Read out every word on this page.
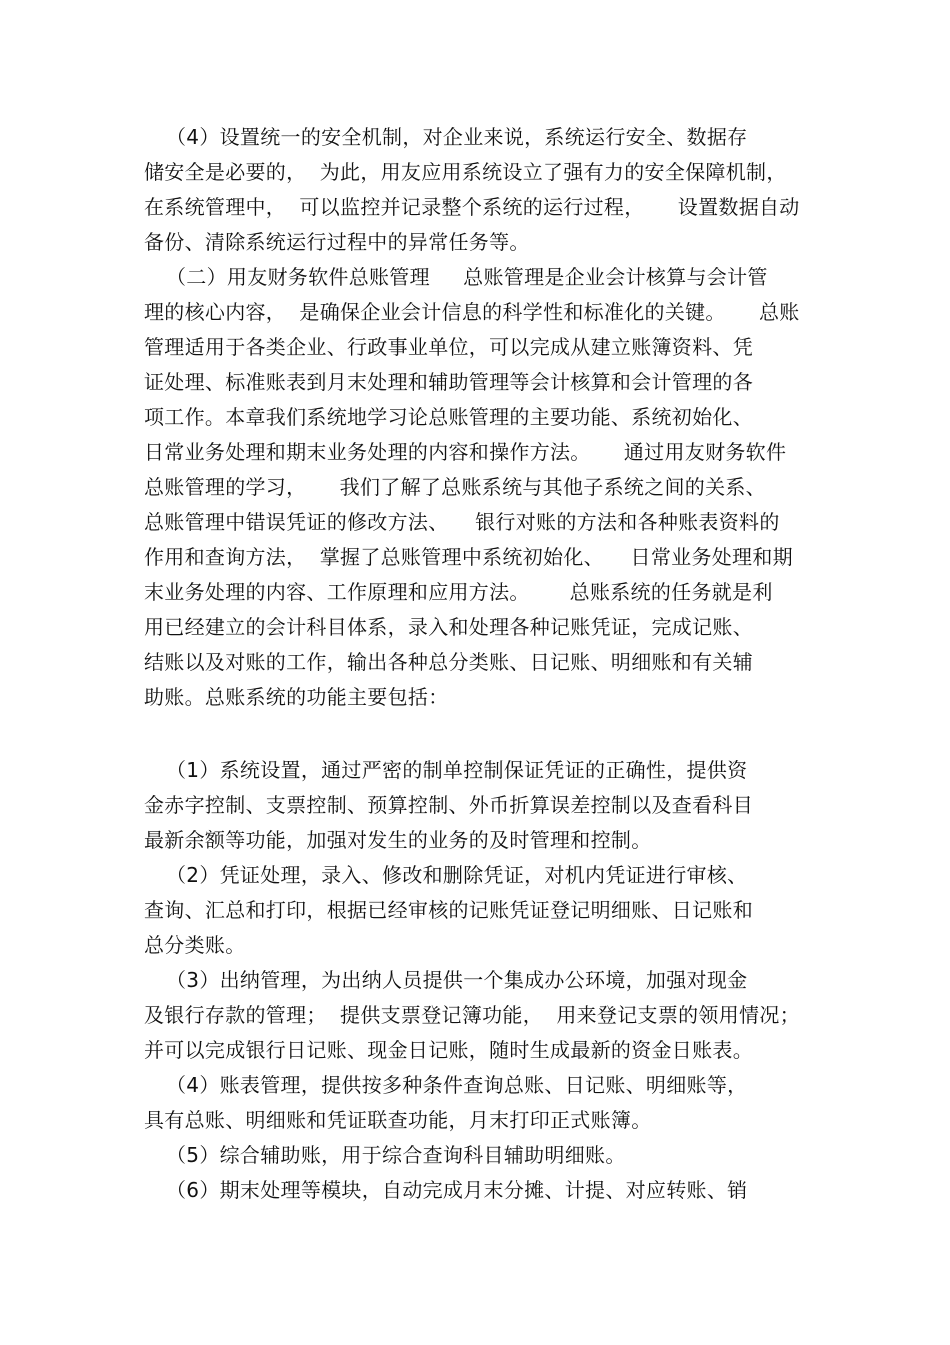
（4）设置统一的安全机制，对企业来说，系统运行安全、数据存
储安全是必要的，  为此，用友应用系统设立了强有力的安全保障机制，
在系统管理中，  可以监控并记录整个系统的运行过程，     设置数据自动
备份、清除系统运行过程中的异常任务等。
（二）用友财务软件总账管理     总账管理是企业会计核算与会计管
理的核心内容，  是确保企业会计信息的科学性和标准化的关键。     总账
管理适用于各类企业、行政事业单位，可以完成从建立账簿资料、凭
证处理、标准账表到月末处理和辅助管理等会计核算和会计管理的各
项工作。本章我们系统地学习论总账管理的主要功能、系统初始化、
日常业务处理和期末业务处理的内容和操作方法。     通过用友财务软件
总账管理的学习，     我们了解了总账系统与其他子系统之间的关系、
总账管理中错误凭证的修改方法、    银行对账的方法和各种账表资料的
作用和查询方法，  掌握了总账管理中系统初始化、    日常业务处理和期
末业务处理的内容、工作原理和应用方法。      总账系统的任务就是利
用已经建立的会计科目体系，录入和处理各种记账凭证，完成记账、
结账以及对账的工作，输出各种总分类账、日记账、明细账和有关辅
助账。总账系统的功能主要包括：
（1）系统设置，通过严密的制单控制保证凭证的正确性，提供资
金赤字控制、支票控制、预算控制、外币折算误差控制以及查看科目
最新余额等功能，加强对发生的业务的及时管理和控制。
（2）凭证处理，录入、修改和删除凭证，对机内凭证进行审核、
查询、汇总和打印，根据已经审核的记账凭证登记明细账、日记账和
总分类账。
（3）出纳管理，为出纳人员提供一个集成办公环境，加强对现金
及银行存款的管理；  提供支票登记簿功能，  用来登记支票的领用情况；
并可以完成银行日记账、现金日记账，随时生成最新的资金日账表。
（4）账表管理，提供按多种条件查询总账、日记账、明细账等，
具有总账、明细账和凭证联查功能，月末打印正式账簿。
（5）综合辅助账，用于综合查询科目辅助明细账。
（6）期末处理等模块，自动完成月末分摊、计提、对应转账、销
